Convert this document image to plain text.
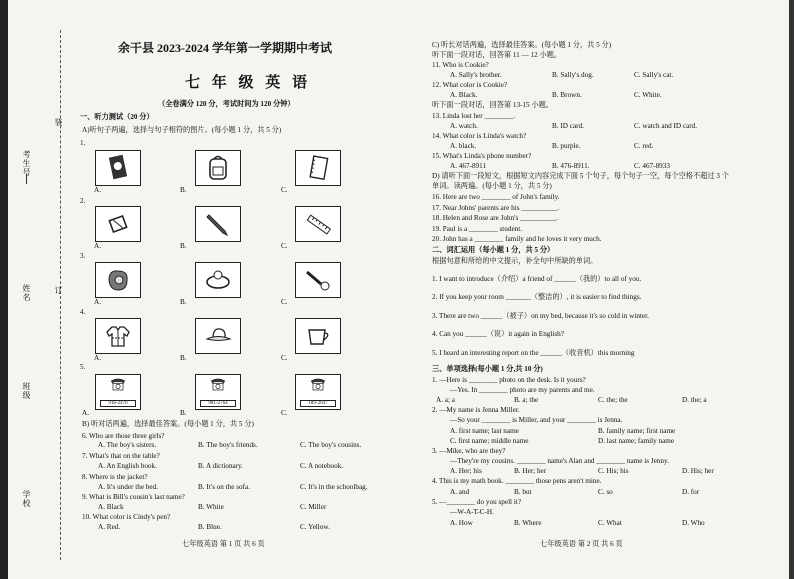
考生号
姓名
班级
学校
订
装
余干县 2023-2024 学年第一学期期中考试
七 年 级 英 语
（全卷满分 120 分，考试时间为 120 分钟）
一、听力测试（20 分）
A)听句子两遍，选择与句子相符的图片。(每小题 1 分，共 5 分)
1.
2.
3.
4.
5.
A.	B.	C.
A.	B.	C.
A.	B.	C.
A.	B.	C.
918-2476	981-2764	189-2647
A.	B.	C.
B) 听对话两遍，选择最佳答案。(每小题 1 分，共 5 分)
6. Who are those three girls?
A. The boy's sisters.	B. The boy's friends.	C. The boy's cousins.
7. What's that on the table?
A. An English book.	B. A dictionary.	C. A notebook.
8. Where is the jacket?
A. It's under the bed.	B. It's on the sofa.	C. It's in the schoolbag.
9. What is Bill's cousin's last name?
A. Black	B. White	C. Miller
10. What color is Cindy's pen?
A. Red.	B. Blue.	C. Yellow.
七年级英语 第 1 页 共 6 页
C) 听长对话两遍，选择最佳答案。(每小题 1 分，共 5 分)
听下面一段对话，回答第 11 — 12 小题。
11. Who is Cookie?
A. Sally's brother.	B. Sally's dog.	C. Sally's cat.
12. What color is Cookie?
A. Black.	B. Brown.	C. White.
听下面一段对话，回答第 13-15 小题。
13. Linda lost her ________.
A. watch.	B. ID card.	C. watch and ID card.
14. What color is Linda's watch?
A. black.	B. purple.	C. red.
15. What's Linda's phone number?
A. 467-8911	B. 476-8911.	C. 467-8933
D) 请听下面一段短文，根据短文内容完成下面 5 个句子，每个句子一空，每个空格不超过 3 个
单词。读两遍。(每小题 1 分，共 5 分)
16. Here are two ________ of John's family.
17. Near Johns' parents are his __________.
18. Helen and Rose are John's __________.
19. Paul is a ________ student.
20. John has a ________ family and he loves it very much.
二、词汇运用（每小题 1 分，共 5 分）
根据句意和所给的中文提示，补全句中所缺的单词。
1. I want to introduce（介绍）a friend of ______（我的）to all of you.
2. If you keep your room _______（整洁的）, it is easier to find things.
3. There are two ______（被子）on my bed, because it's so cold in winter.
4. Can you ______（说）it again in English?
5. I heard an interesting report on the ______（收音机）this morning
三、单项选择(每小题 1 分,共 10 分)
1. —Here is ________ photo on the desk. Is it yours?
—Yes. In ________ photo are my parents and me.
A. a; a	B. a; the	C. the; the	D. the; a
2. —My name is Jenna Miller.
—So your ________ is Miller, and your ________ is Jenna.
A. first name; last name	B. family name; first name
C. first name; middle name	D. last name; family name
3. —Mike, who are they?
—They're my cousins. ________ name's Alan and ________ name is Jenny.
A. Her; his	B. Her; her	C. His; his	D. His; her
4. This is my math book. ________ those pens aren't mine.
A. and	B. but	C. so	D. for
5. —________ do you spell it?
—W-A-T-C-H.
A. How	B. Where	C. What	D. Who
七年级英语 第 2 页 共 6 页
